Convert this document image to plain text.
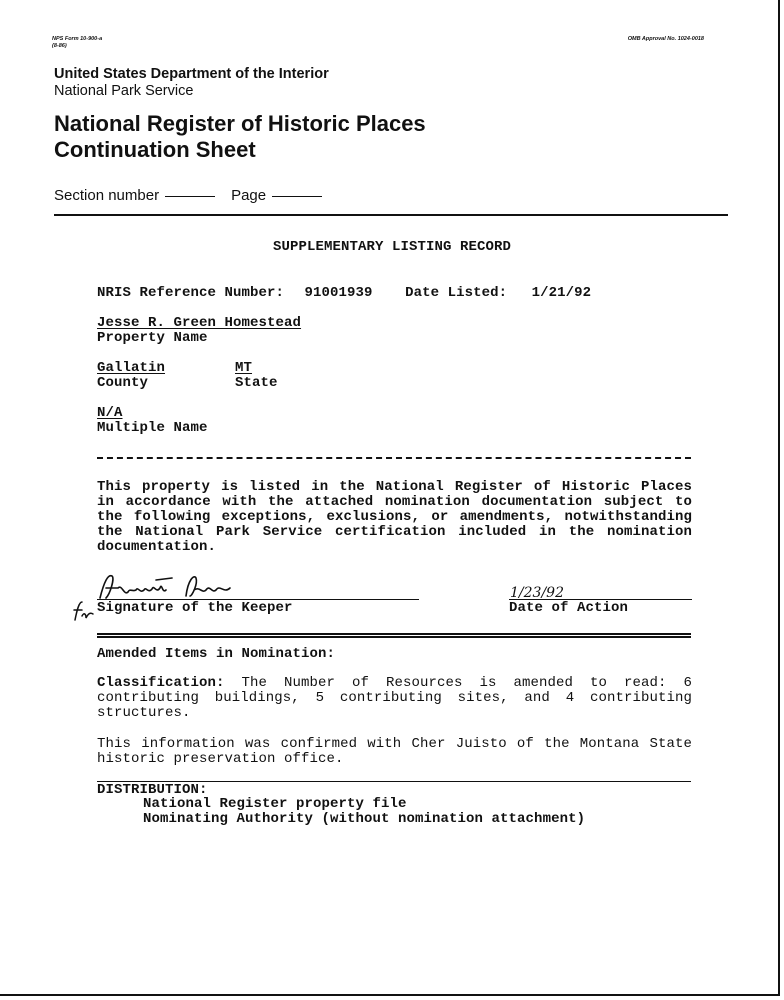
NPS Form 10-900-a
(8-86)
OMB Approval No. 1024-0018
United States Department of the Interior
National Park Service
National Register of Historic Places
Continuation Sheet
Section number	Page
SUPPLEMENTARY LISTING RECORD
NRIS Reference Number: 91001939 Date Listed: 1/21/92
Jesse R. Green Homestead
Property Name
Gallatin
County
MT
State
N/A
Multiple Name
This property is listed in the National Register of Historic Places in accordance with the attached nomination documentation subject to the following exceptions, exclusions, or amendments, notwithstanding the National Park Service certification included in the nomination documentation.
Signature of the Keeper
1/23/92
Date of Action
Amended Items in Nomination:
Classification: The Number of Resources is amended to read: 6 contributing buildings, 5 contributing sites, and 4 contributing structures.
This information was confirmed with Cher Juisto of the Montana State historic preservation office.
DISTRIBUTION:
National Register property file
Nominating Authority (without nomination attachment)
